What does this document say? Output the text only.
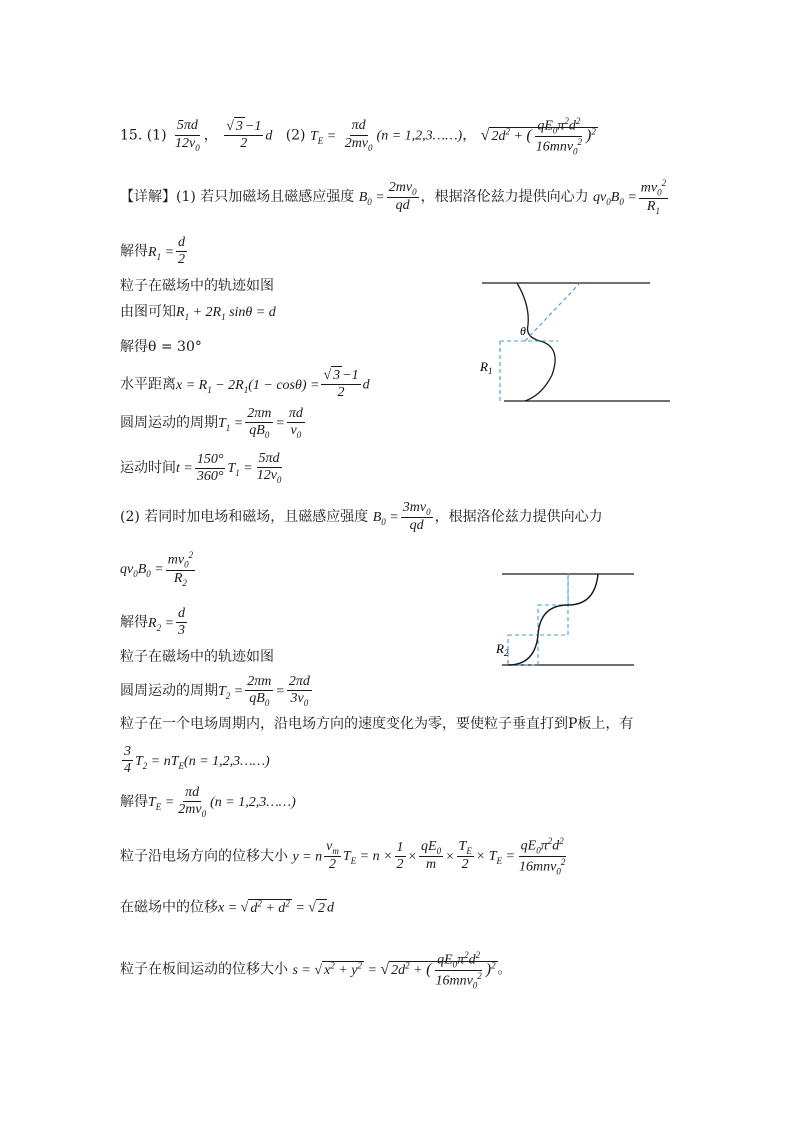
15. $(1) \frac{5\pi d}{12v_0}$ ， $\frac{√ 3 -1}{2}$ d (2) $T_E = \frac{\pi d}{2mv_0} (n$ = 1,2,3……)， √ $2d^2$ + ( $\frac{qE_0\pi^2d^2}{16mnv_0^2} )^2$
【详解】(1) 若只加磁场且磁感应强度 $B_0 = \frac{2mv_0}{qd}$ ，根据洛伦兹力提供向心力 $qv_0B_0 = \frac{mv_0^2}{R_1}$
解得$R_1 = \frac{d}{2}$
粒子在磁场中的轨迹如图
由图可知$R_1 + 2R_1$ sinθ = d
解得θ = 30°
水平距离$x = R_1 - 2R_1(1 - \cos\theta) = \frac{√ 3 -1}{2}$ d
圆周运动的周期$T_1 = \frac{2\pi m}{qB_0} = \frac{\pi d}{v_0}$
运动时间$t = \frac{150^\circ}{360^\circ} T_1 = \frac{5\pi d}{12v_0}$
θ
$R_1$
(2) 若同时加电场和磁场，且磁感应强度 $B_0 = \frac{3mv_0}{qd}$ ，根据洛伦兹力提供向心力
$qv_0B_0 = \frac{mv_0^2}{R_2}$
解得$R_2 = \frac{d}{3}$
粒子在磁场中的轨迹如图
圆周运动的周期$T_2 = \frac{2\pi m}{qB_0} = \frac{2\pi d}{3v_0}$
$R_2$
粒子在一个电场周期内，沿电场方向的速度变化为零，要使粒子垂直打到P板上，有
$\frac{3}{4} T_2 = nT_E(n$ = 1,2,3……)
解得$T_E = \frac{\pi d}{2mv_0} (n$ = 1,2,3……)
粒子沿电场方向的位移大小 y = n $\frac{v_m}{2} T_E = n \times \frac{1}{2} \times \frac{qE_0}{m} \times \frac{T_E}{2} \times T_E = \frac{qE_0\pi^2d^2}{16mnv_0^2}$
在磁场中的位移x = √ $d^2 + d^2$ = √ 2 d
粒子在板间运动的位移大小 s = √ $x^2 + y^2$ = √ $2d^2$ + ( $\frac{qE_0\pi^2d^2}{16mnv_0^2} )^2$ 。
